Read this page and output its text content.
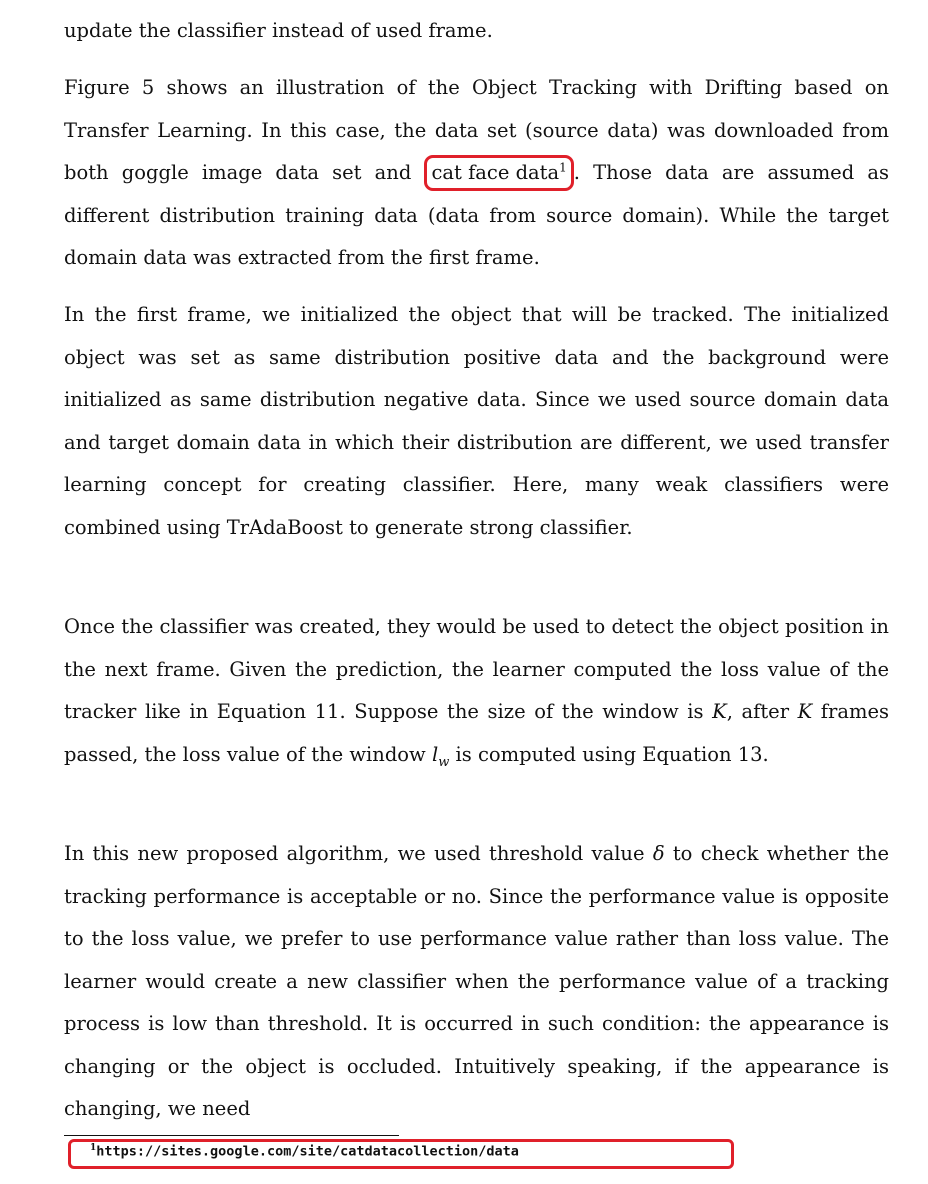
update the classifier instead of used frame.

Figure 5 shows an illustration of the Object Tracking with Drifting based on Transfer Learning. In this case, the data set (source data) was downloaded from both goggle image data set and cat face data$^1$ . Those data are assumed as different distribution training data (data from source domain). While the target domain data was extracted from the first frame.

In the first frame, we initialized the object that will be tracked. The initialized object was set as same distribution positive data and the background were initialized as same distribution negative data. Since we used source domain data and target domain data in which their distribution are different, we used transfer learning concept for creating classifier. Here, many weak classifiers were combined using TrAdaBoost to generate strong classifier.

Once the classifier was created, they would be used to detect the object position in the next frame. Given the prediction, the learner computed the loss value of the tracker like in Equation 11. Suppose the size of the window is K, after K frames passed, the loss value of the window $l_w$ is computed using Equation 13.

In this new proposed algorithm, we used threshold value δ to check whether the tracking performance is acceptable or no. Since the performance value is opposite to the loss value, we prefer to use performance value rather than loss value. The learner would create a new classifier when the performance value of a tracking process is low than threshold. It is occurred in such condition: the appearance is changing or the object is occluded. Intuitively speaking, if the appearance is changing, we need

$^1$https://sites.google.com/site/catdatacollection/data
